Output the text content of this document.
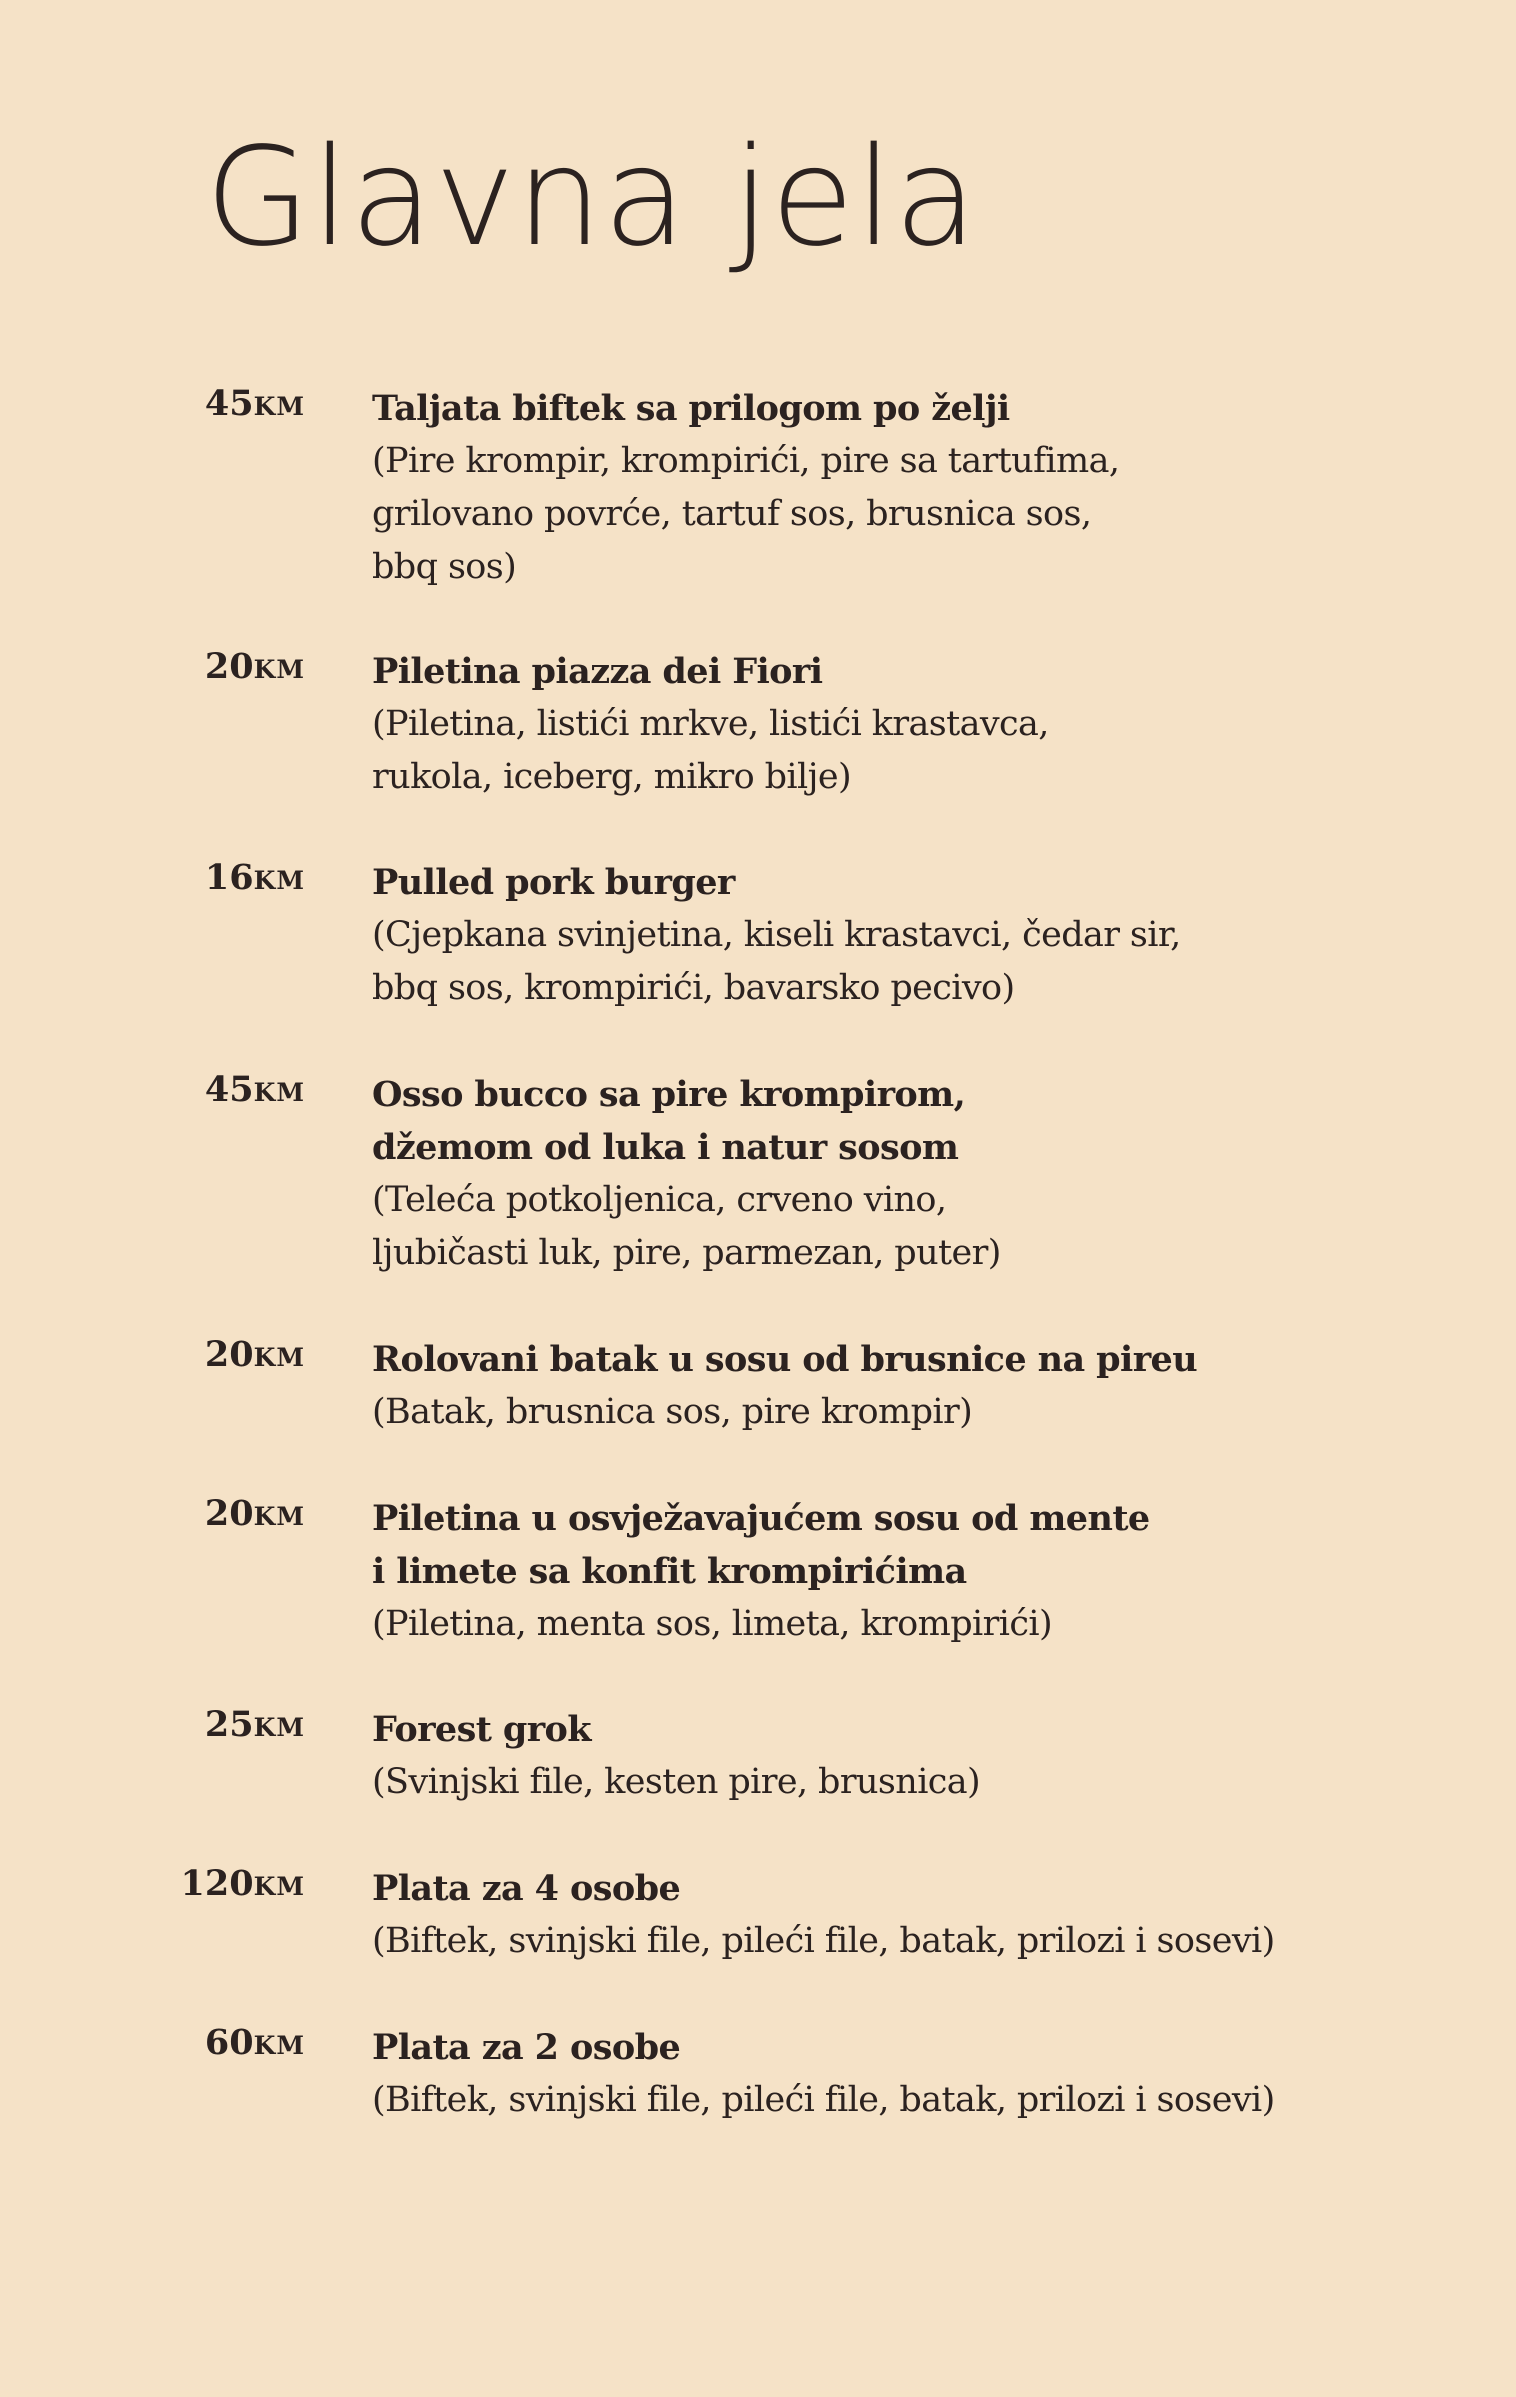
Glavna jela
45KM Taljata biftek sa prilogom po želji
(Pire krompir, krompirići, pire sa tartufima,
grilovano povrće, tartuf sos, brusnica sos,
bbq sos)
20KM Piletina piazza dei Fiori
(Piletina, listići mrkve, listići krastavca,
rukola, iceberg, mikro bilje)
16KM Pulled pork burger
(Cjepkana svinjetina, kiseli krastavci, čedar sir,
bbq sos, krompirići, bavarsko pecivo)
45KM Osso bucco sa pire krompirom,
džemom od luka i natur sosom
(Teleća potkoljenica, crveno vino,
ljubičasti luk, pire, parmezan, puter)
20KM Rolovani batak u sosu od brusnice na pireu
(Batak, brusnica sos, pire krompir)
20KM Piletina u osvježavajućem sosu od mente
i limete sa konfit krompirićima
(Piletina, menta sos, limeta, krompirići)
25KM Forest grok
(Svinjski file, kesten pire, brusnica)
120KM Plata za 4 osobe
(Biftek, svinjski file, pileći file, batak, prilozi i sosevi)
60KM Plata za 2 osobe
(Biftek, svinjski file, pileći file, batak, prilozi i sosevi)
